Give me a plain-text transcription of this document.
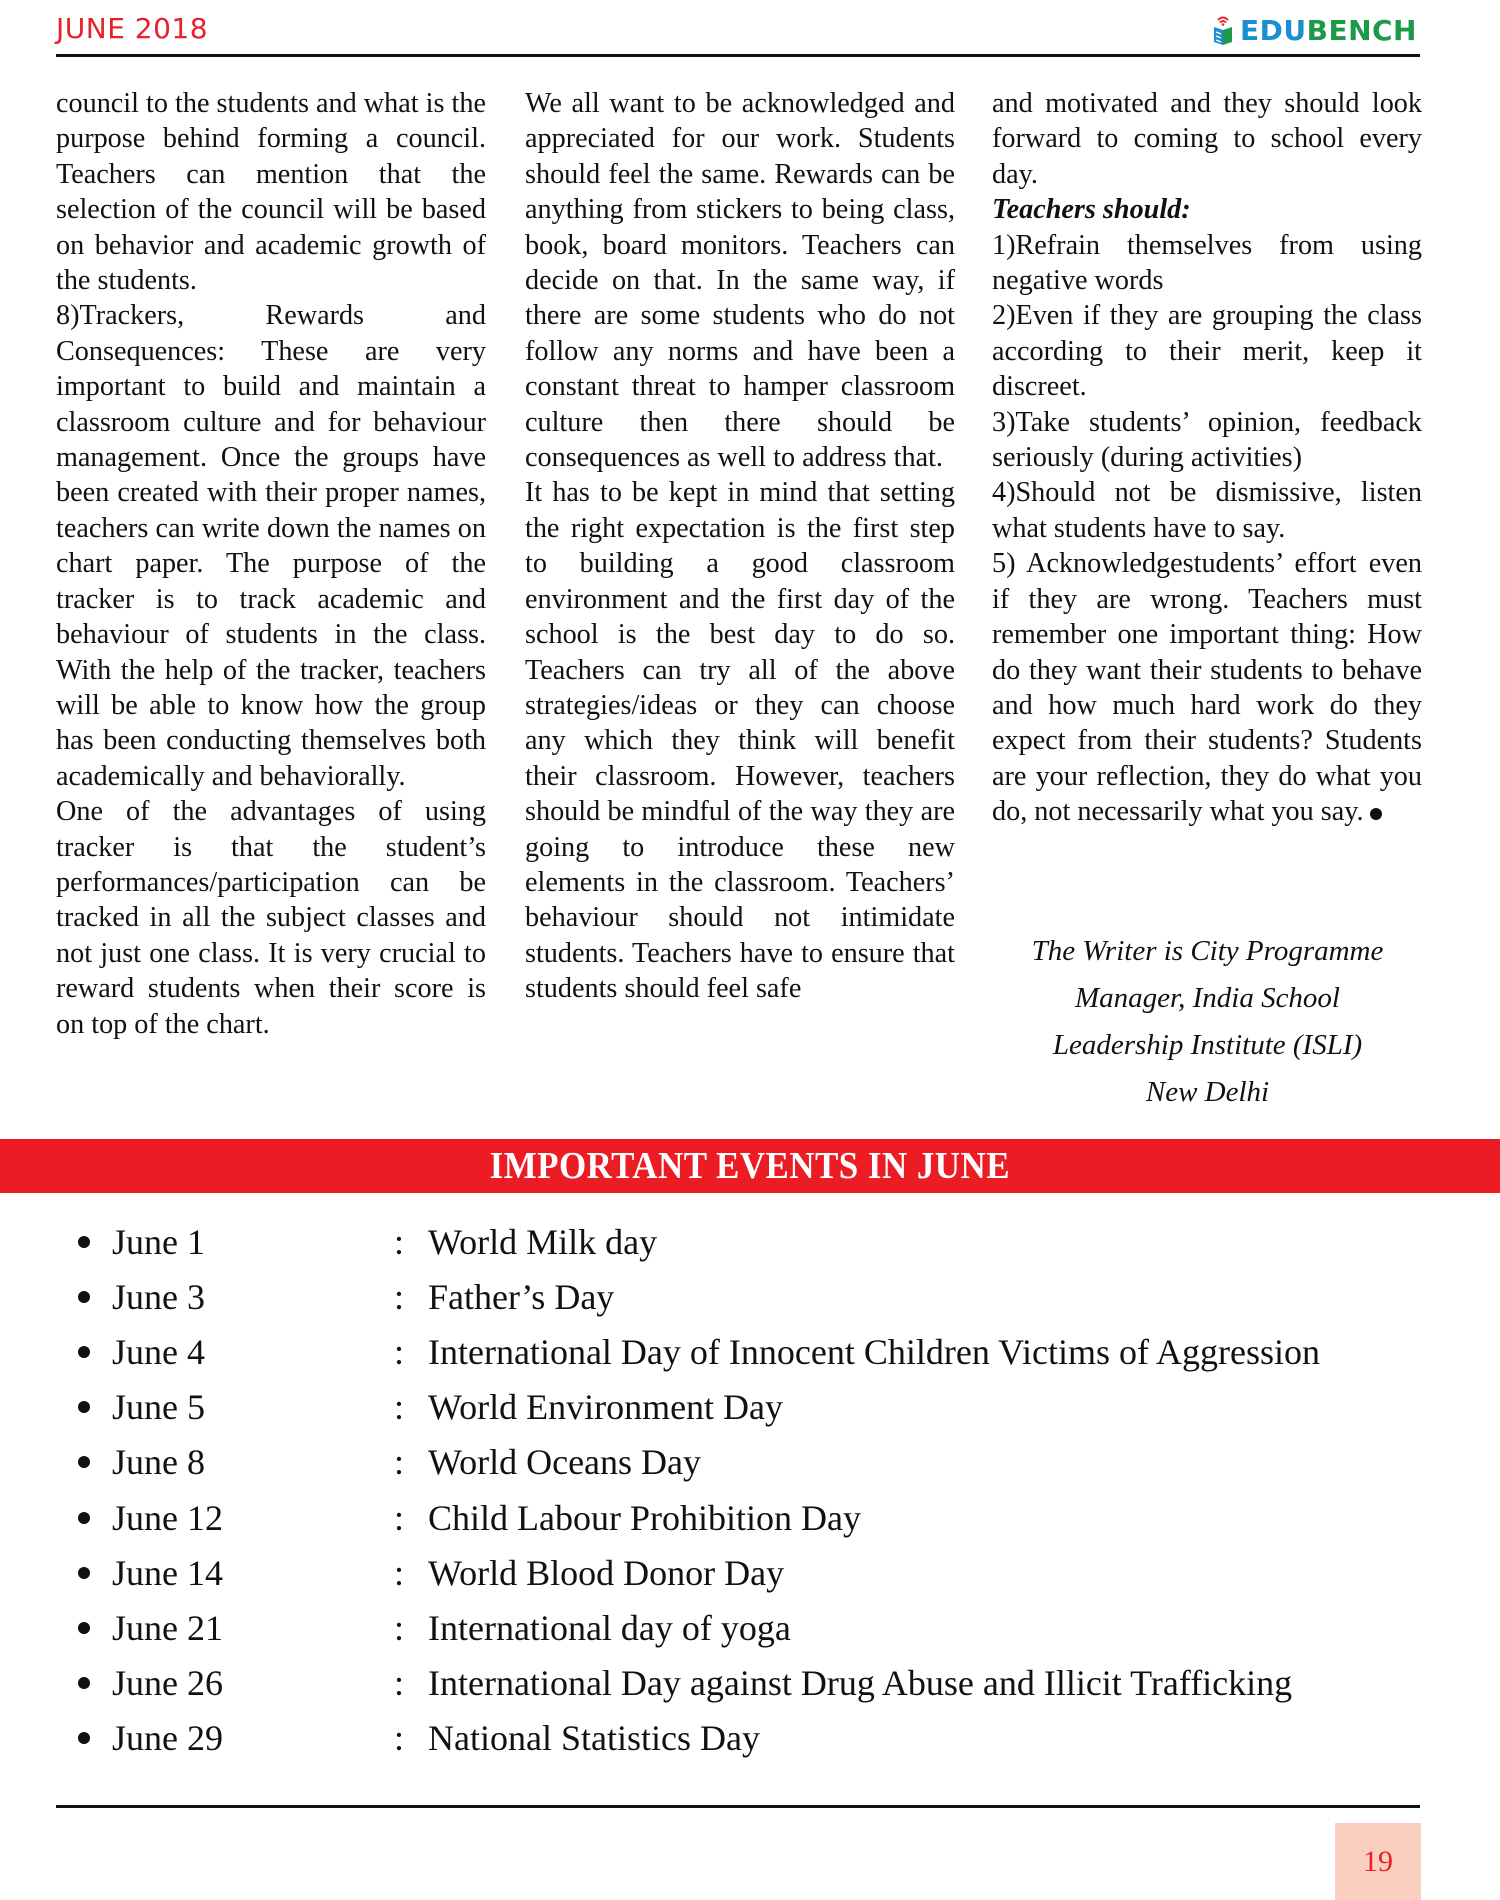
JUNE 2018	EDUBENCH

council to the students and what is the purpose behind forming a council. Teachers can mention that the selection of the council will be based on behavior and academic growth of the students.

8)Trackers, Rewards and Consequences: These are very important to build and maintain a classroom culture and for behaviour management. Once the groups have been created with their proper names, teachers can write down the names on chart paper. The purpose of the tracker is to track academic and behaviour of students in the class. With the help of the tracker, teachers will be able to know how the group has been conducting themselves both academically and behaviorally.

One of the advantages of using tracker is that the student’s performances/participation can be tracked in all the subject classes and not just one class. It is very crucial to reward students when their score is on top of the chart.

We all want to be acknowledged and appreciated for our work. Students should feel the same. Rewards can be anything from stickers to being class, book, board monitors. Teachers can decide on that. In the same way, if there are some students who do not follow any norms and have been a constant threat to hamper classroom culture then there should be consequences as well to address that.

It has to be kept in mind that setting the right expectation is the first step to building a good classroom environment and the first day of the school is the best day to do so. Teachers can try all of the above strategies/ideas or they can choose any which they think will benefit their classroom. However, teachers should be mindful of the way they are going to introduce these new elements in the classroom. Teachers’ behaviour should not intimidate students. Teachers have to ensure that students should feel safe

and motivated and they should look forward to coming to school every day.

Teachers should:

1)Refrain themselves from using negative words

2)Even if they are grouping the class according to their merit, keep it discreet.

3)Take students’ opinion, feedback seriously (during activities)

4)Should not be dismissive, listen what students have to say.

5) Acknowledgestudents’ effort even if they are wrong. Teachers must remember one important thing: How do they want their students to behave and how much hard work do they expect from their students? Students are your reflection, they do what you do, not necessarily what you say.

The Writer is City Programme
Manager, India School
Leadership Institute (ISLI)
New Delhi
IMPORTANT EVENTS IN JUNE
June 1	: World Milk day
June 3	: Father’s Day
June 4	: International Day of Innocent Children Victims of Aggression
June 5	: World Environment Day
June 8	: World Oceans Day
June 12	: Child Labour Prohibition Day
June 14	: World Blood Donor Day
June 21	: International day of yoga
June 26	: International Day against Drug Abuse and Illicit Trafficking
June 29	: National Statistics Day
19
